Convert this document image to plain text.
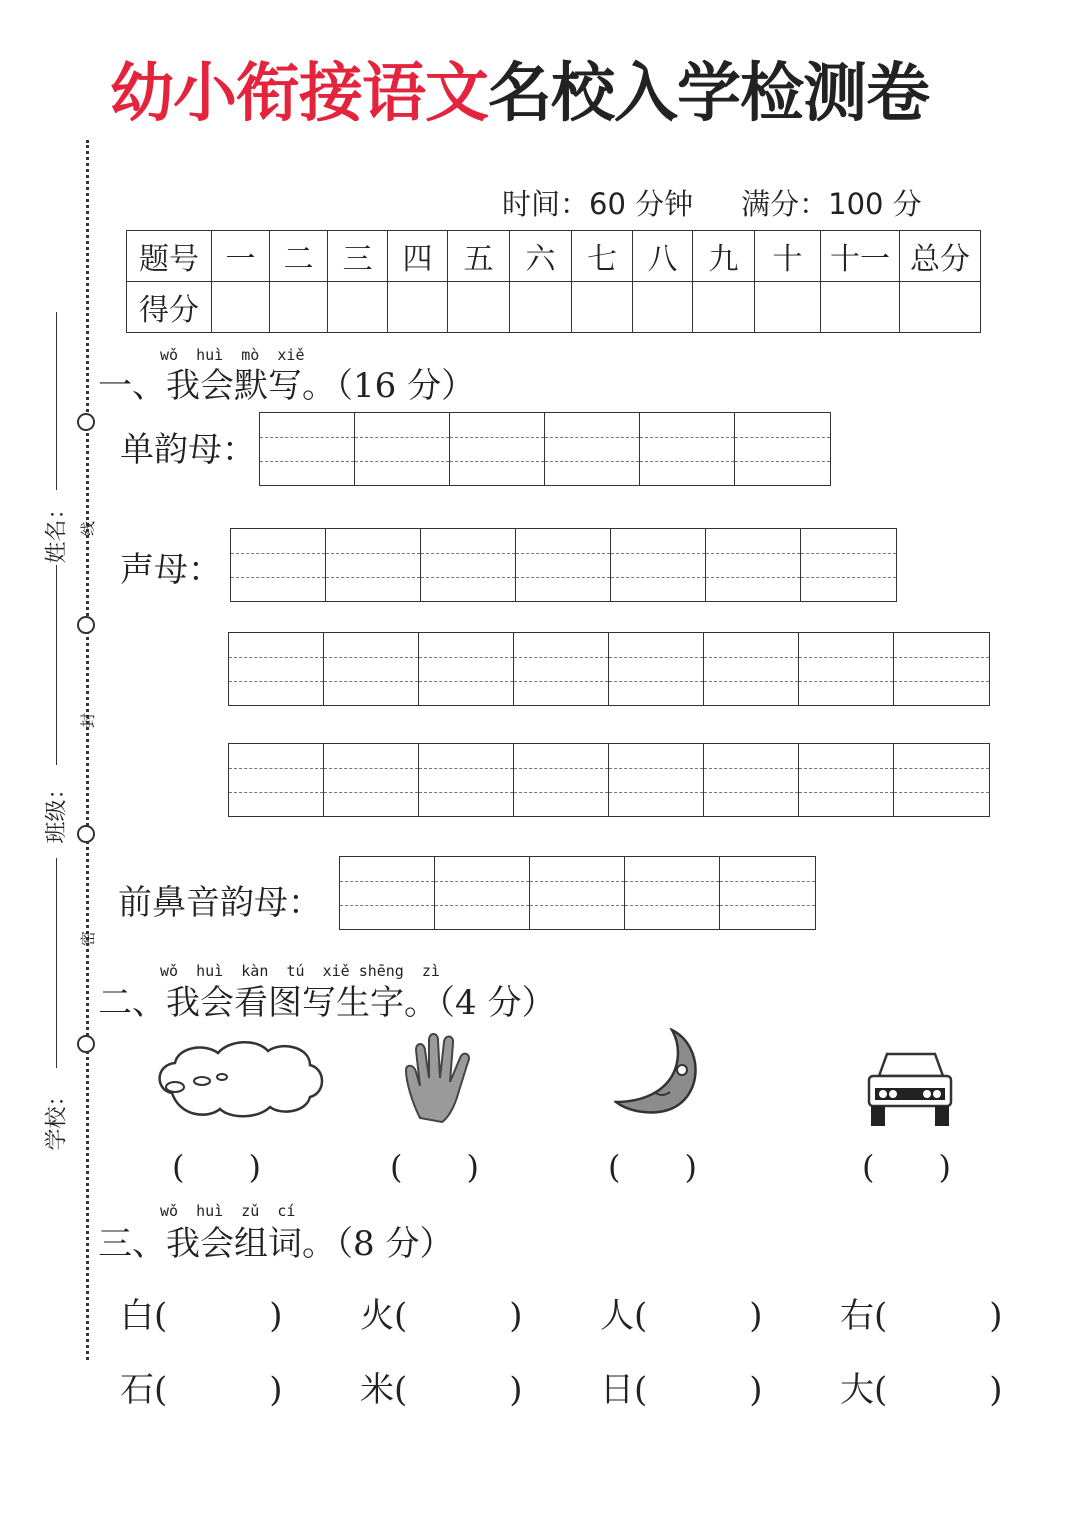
幼小衔接语文名校入学检测卷
时间：60 分钟 满分：100 分
题号	一	二	三	四	五	六	七	八	九	十	十一	总分
得分												
姓名：
班级：
学校：
线
封
密
wǒ huì mò xiě
一、我会默写。（16 分）
单韵母：
声母：
前鼻音韵母：
wǒ huì kàn tú xiě shēng zì
二、我会看图写生字。（4 分）
(　　)	(　　)	(　　)	(　　)
wǒ huì zǔ cí
三、我会组词。（8 分）
白(　　　) 火(　　　) 人(　　　) 右(　　　)
石(　　　) 米(　　　) 日(　　　) 大(　　　)
